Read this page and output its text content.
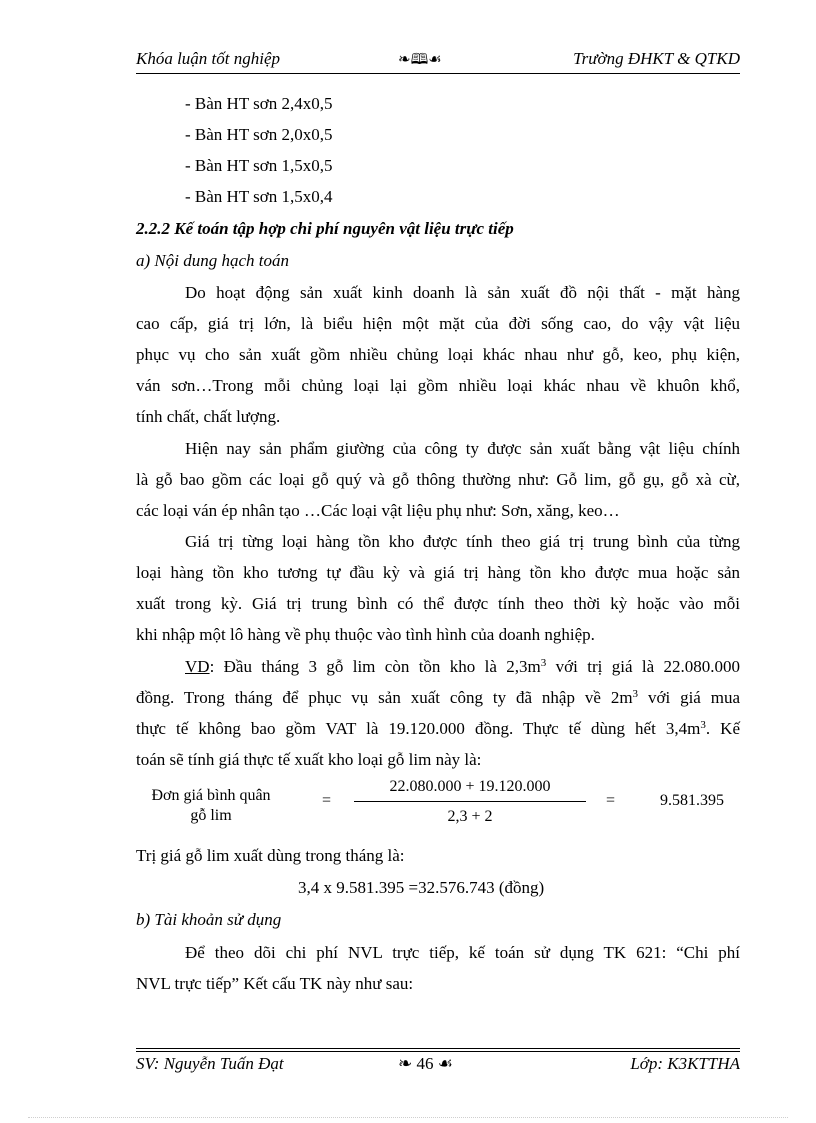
Khóa luận tốt nghiệp	❧🕮☙	Trường ĐHKT & QTKD
- Bàn HT sơn 2,4x0,5
- Bàn HT sơn 2,0x0,5
- Bàn HT sơn 1,5x0,5
- Bàn HT sơn 1,5x0,4
2.2.2 Kế toán tập hợp chi phí nguyên vật liệu trực tiếp
a) Nội dung hạch toán
Do hoạt động sản xuất kinh doanh là sản xuất đồ nội thất - mặt hàng
cao cấp, giá trị lớn, là biểu hiện một mặt của đời sống cao, do vậy vật liệu
phục vụ cho sản xuất gồm nhiều chủng loại khác nhau như gỗ, keo, phụ kiện,
ván sơn…Trong mỗi chủng loại lại gồm nhiều loại khác nhau về khuôn khổ,
tính chất, chất lượng.
Hiện nay sản phẩm giường của công ty được sản xuất bằng vật liệu chính
là gỗ bao gồm các loại gỗ quý và gỗ thông thường như: Gỗ lim, gỗ gụ, gỗ xà cừ,
các loại ván ép nhân tạo …Các loại vật liệu phụ như: Sơn, xăng, keo…
Giá trị từng loại hàng tồn kho được tính theo giá trị trung bình của từng
loại hàng tồn kho tương tự đầu kỳ và giá trị hàng tồn kho được mua hoặc sản
xuất trong kỳ. Giá trị trung bình có thể được tính theo thời kỳ hoặc vào mỗi
khi nhập một lô hàng về phụ thuộc vào tình hình của doanh nghiệp.
VD: Đầu tháng 3 gỗ lim còn tồn kho là $2,3m^3$ với trị giá là 22.080.000
đồng. Trong tháng để phục vụ sản xuất công ty đã nhập về $2m^3$ với giá mua
thực tế không bao gồm VAT là 19.120.000 đồng. Thực tế dùng hết $3,4m^3$. Kế
toán sẽ tính giá thực tế xuất kho loại gỗ lim này là:
Đơn giá bình quân
gỗ lim
=
22.080.000 + 19.120.000
2,3 + 2
=	9.581.395
Trị giá gỗ lim xuất dùng trong tháng là:
3,4 x 9.581.395 =32.576.743 (đồng)
b) Tài khoản sử dụng
Để theo dõi chi phí NVL trực tiếp, kế toán sử dụng TK 621: “Chi phí
NVL trực tiếp” Kết cấu TK này như sau:
SV: Nguyễn Tuấn Đạt	❧ 46 ☙	Lớp: K3KTTHA
